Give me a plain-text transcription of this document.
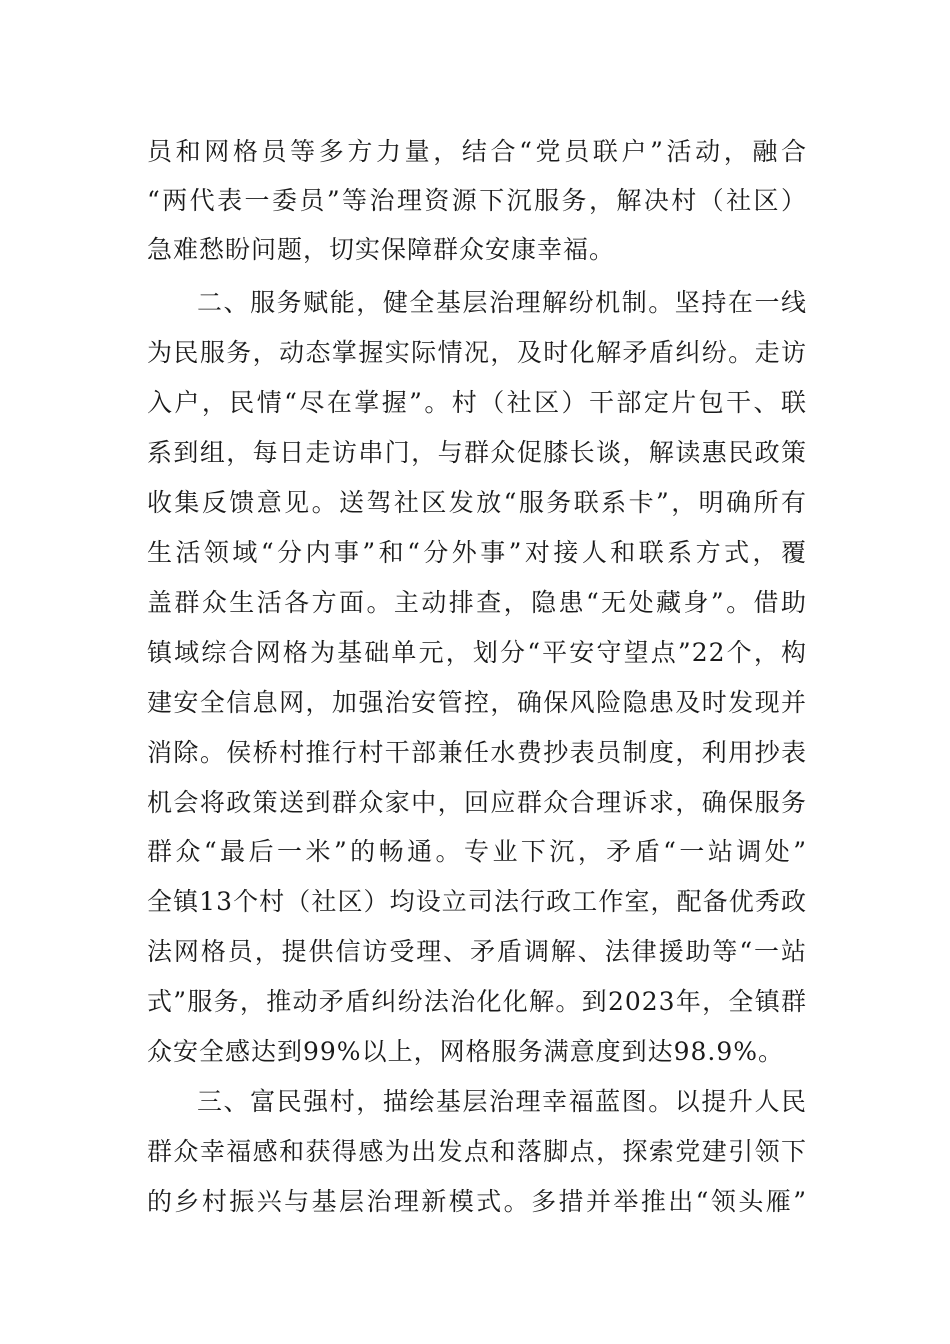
员和网格员等多方力量，结合“党员联户”活动，融合
“两代表一委员”等治理资源下沉服务，解决村（社区）
急难愁盼问题，切实保障群众安康幸福。
二、服务赋能，健全基层治理解纷机制。坚持在一线
为民服务，动态掌握实际情况，及时化解矛盾纠纷。走访
入户，民情“尽在掌握”。村（社区）干部定片包干、联
系到组，每日走访串门，与群众促膝长谈，解读惠民政策
收集反馈意见。送驾社区发放“服务联系卡”，明确所有
生活领域“分内事”和“分外事”对接人和联系方式，覆
盖群众生活各方面。主动排查，隐患“无处藏身”。借助
镇域综合网格为基础单元，划分“平安守望点”22个，构
建安全信息网，加强治安管控，确保风险隐患及时发现并
消除。侯桥村推行村干部兼任水费抄表员制度，利用抄表
机会将政策送到群众家中，回应群众合理诉求，确保服务
群众“最后一米”的畅通。专业下沉，矛盾“一站调处”
全镇13个村（社区）均设立司法行政工作室，配备优秀政
法网格员，提供信访受理、矛盾调解、法律援助等“一站
式”服务，推动矛盾纠纷法治化化解。到2023年，全镇群
众安全感达到99%以上，网格服务满意度到达98.9%。
三、富民强村，描绘基层治理幸福蓝图。以提升人民
群众幸福感和获得感为出发点和落脚点，探索党建引领下
的乡村振兴与基层治理新模式。多措并举推出“领头雁”
